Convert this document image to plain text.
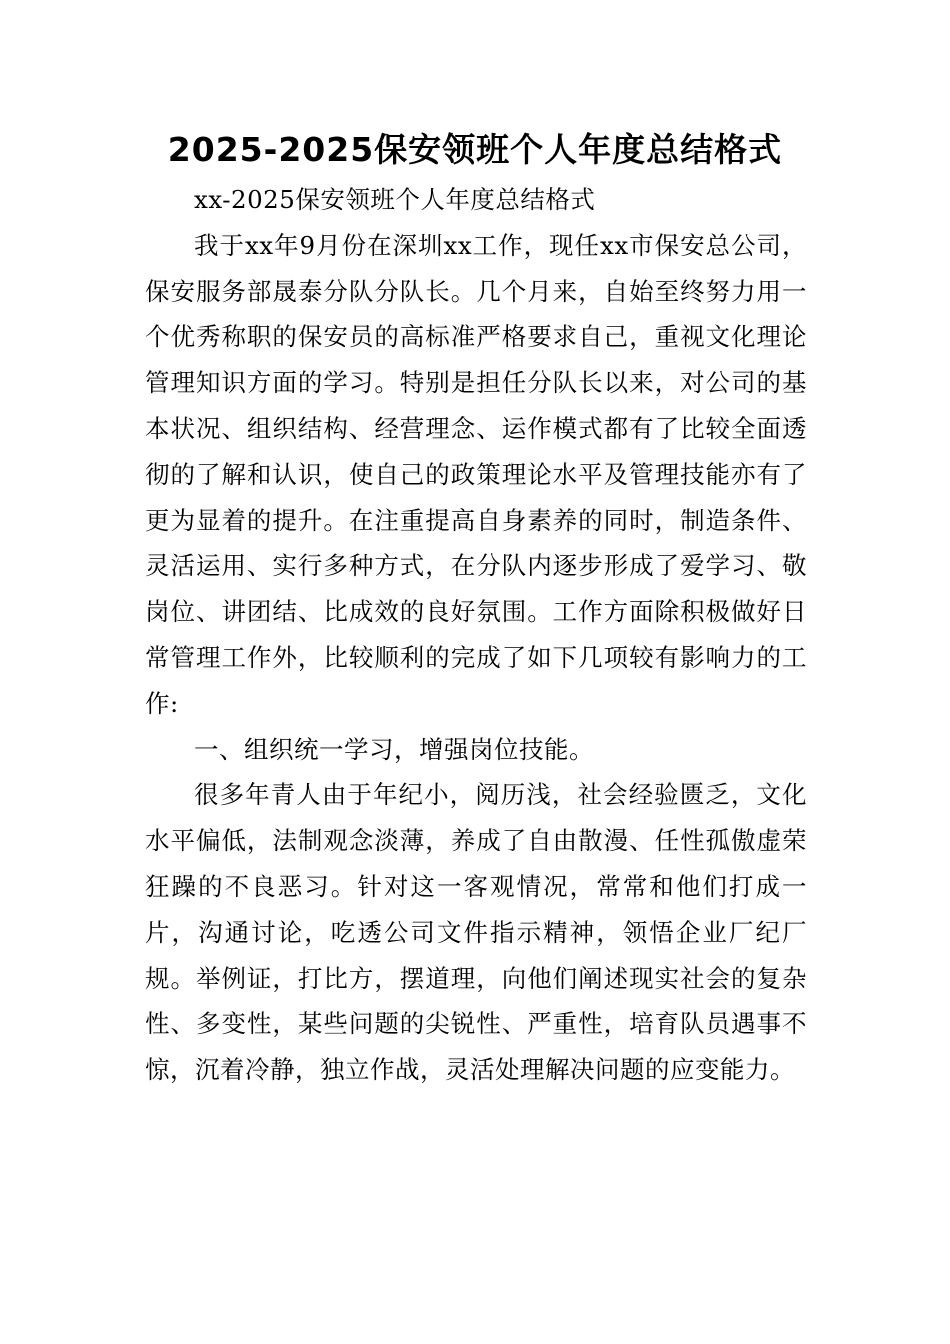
2025-2025保安领班个人年度总结格式

xx-2025保安领班个人年度总结格式

我于xx年9月份在深圳xx工作，现任xx市保安总公司，保安服务部晟泰分队分队长。几个月来，自始至终努力用一个优秀称职的保安员的高标准严格要求自己，重视文化理论管理知识方面的学习。特别是担任分队长以来，对公司的基本状况、组织结构、经营理念、运作模式都有了比较全面透彻的了解和认识，使自己的政策理论水平及管理技能亦有了更为显着的提升。在注重提高自身素养的同时，制造条件、灵活运用、实行多种方式，在分队内逐步形成了爱学习、敬岗位、讲团结、比成效的良好氛围。工作方面除积极做好日常管理工作外，比较顺利的完成了如下几项较有影响力的工作:

一、组织统一学习，增强岗位技能。

很多年青人由于年纪小，阅历浅，社会经验匮乏，文化水平偏低，法制观念淡薄，养成了自由散漫、任性孤傲虚荣狂躁的不良恶习。针对这一客观情况，常常和他们打成一片，沟通讨论，吃透公司文件指示精神，领悟企业厂纪厂规。举例证，打比方，摆道理，向他们阐述现实社会的复杂性、多变性，某些问题的尖锐性、严重性，培育队员遇事不惊，沉着冷静，独立作战，灵活处理解决问题的应变能力。
